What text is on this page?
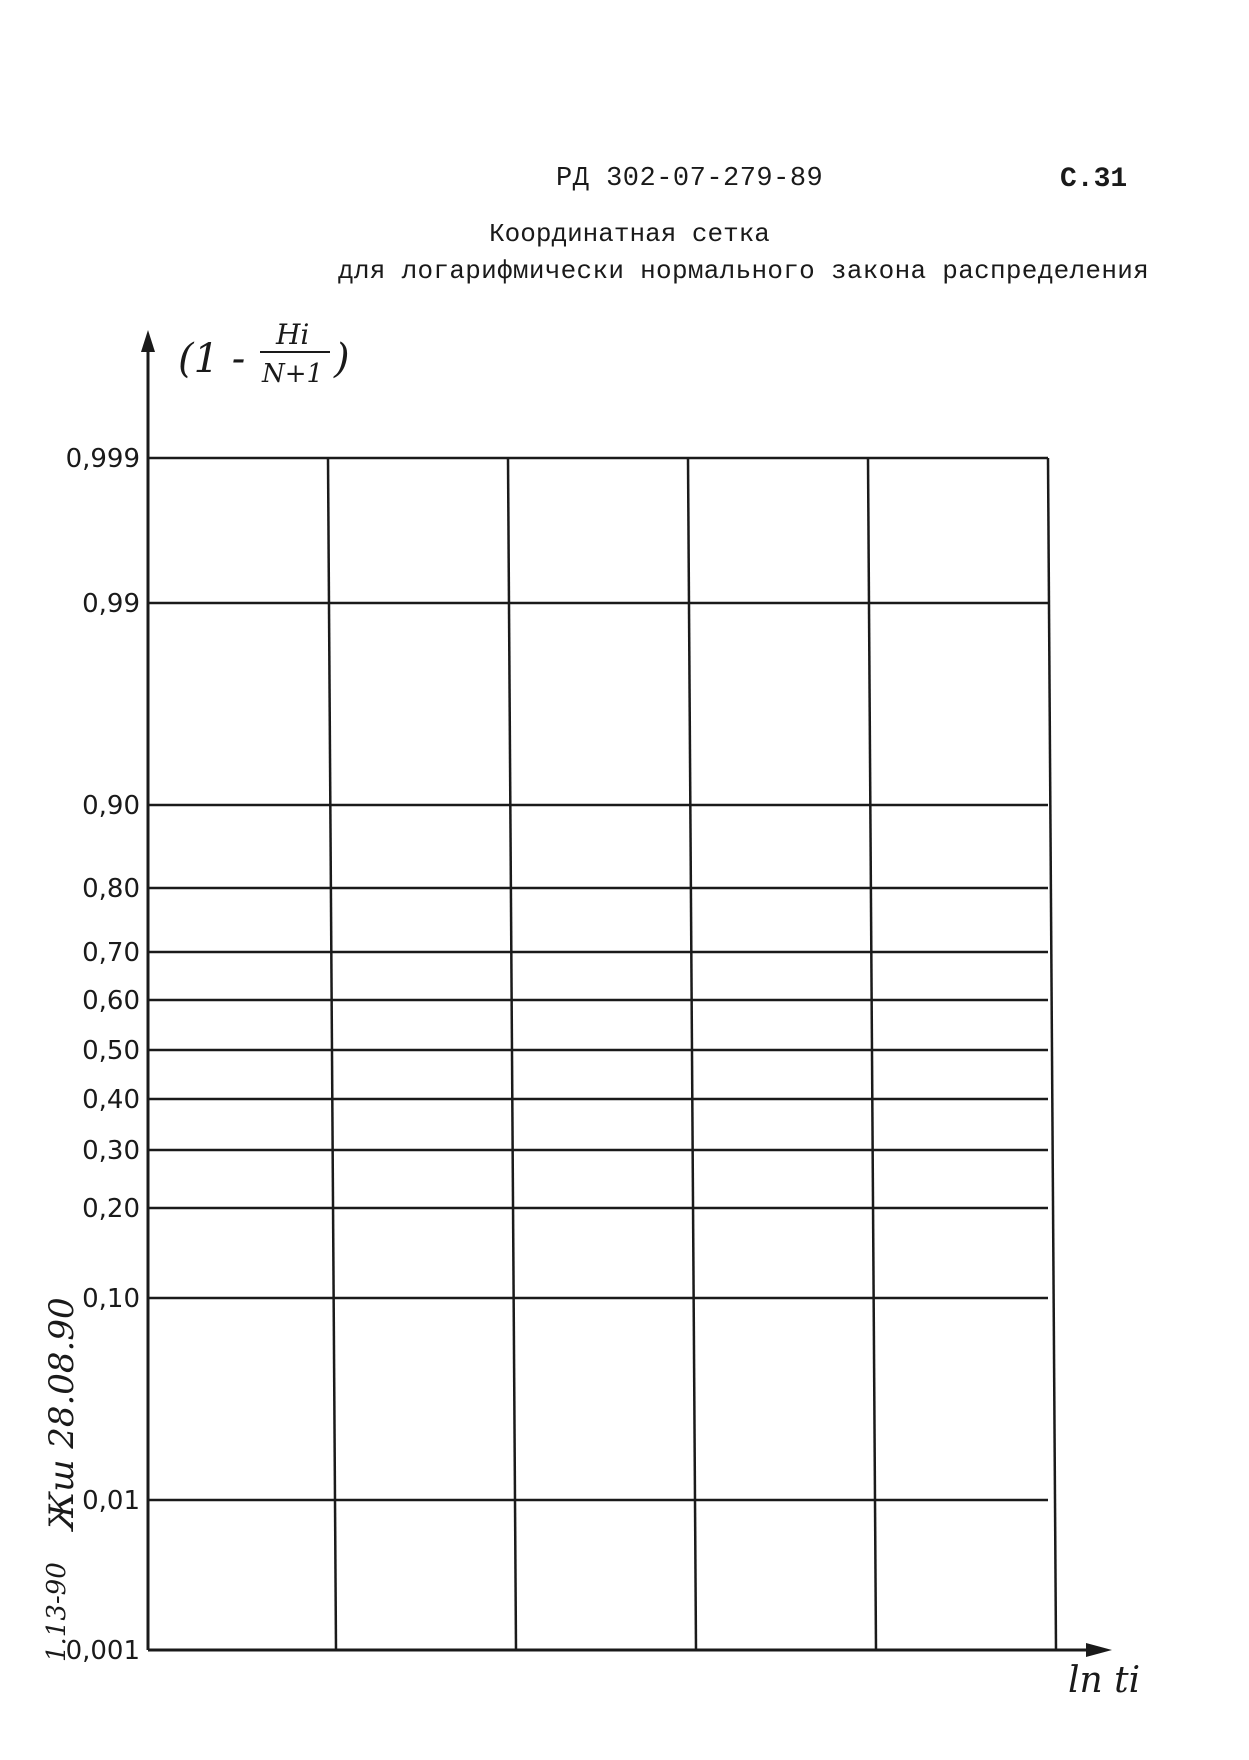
РД 302-07-279-89	С.31
Координатная сетка
для логарифмически нормального закона распределения
(1 -
Hi
N+1 )
ln ti
0,999
0,99
0,90
0,80
0,70
0,60
0,50
0,40
0,30
0,20
0,10
0,01
0,001
Жш 28.08.90
1.13-90
